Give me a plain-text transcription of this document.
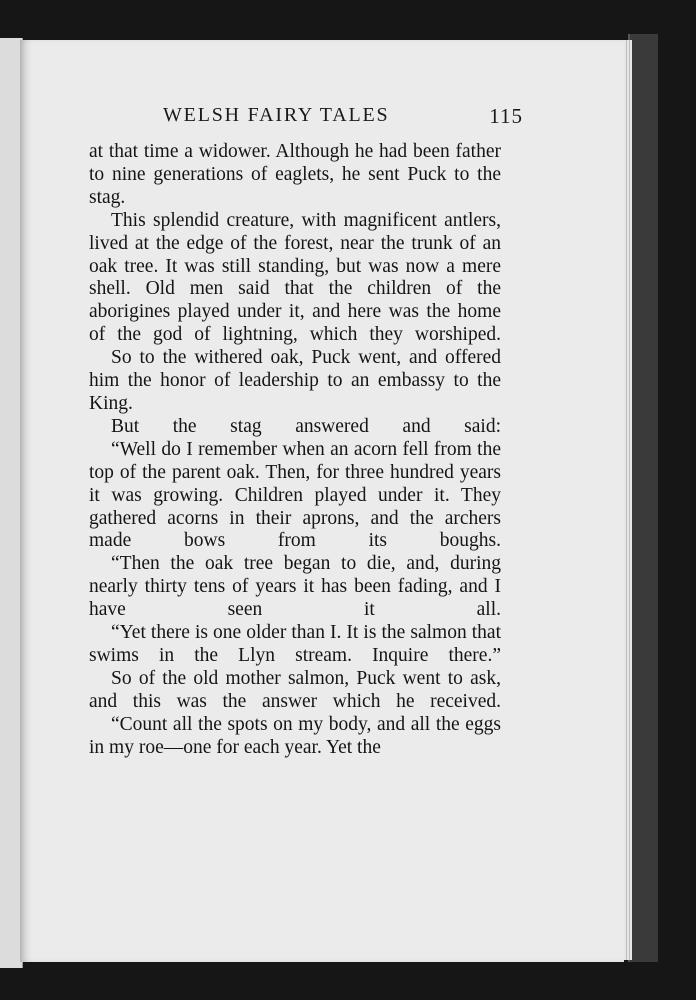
WELSH FAIRY TALES	115

at that time a widower. Although he had been father to nine generations of eaglets, he sent Puck to the stag.

This splendid creature, with magnificent antlers, lived at the edge of the forest, near the trunk of an oak tree. It was still standing, but was now a mere shell. Old men said that the children of the aborigines played under it, and here was the home of the god of lightning, which they worshiped.

So to the withered oak, Puck went, and offered him the honor of leadership to an embassy to the King.

But the stag answered and said:

“Well do I remember when an acorn fell from the top of the parent oak. Then, for three hundred years it was growing. Children played under it. They gathered acorns in their aprons, and the archers made bows from its boughs.

“Then the oak tree began to die, and, during nearly thirty tens of years it has been fading, and I have seen it all.

“Yet there is one older than I. It is the salmon that swims in the Llyn stream. Inquire there.”

So of the old mother salmon, Puck went to ask, and this was the answer which he received.

“Count all the spots on my body, and all the eggs in my roe—one for each year. Yet the
